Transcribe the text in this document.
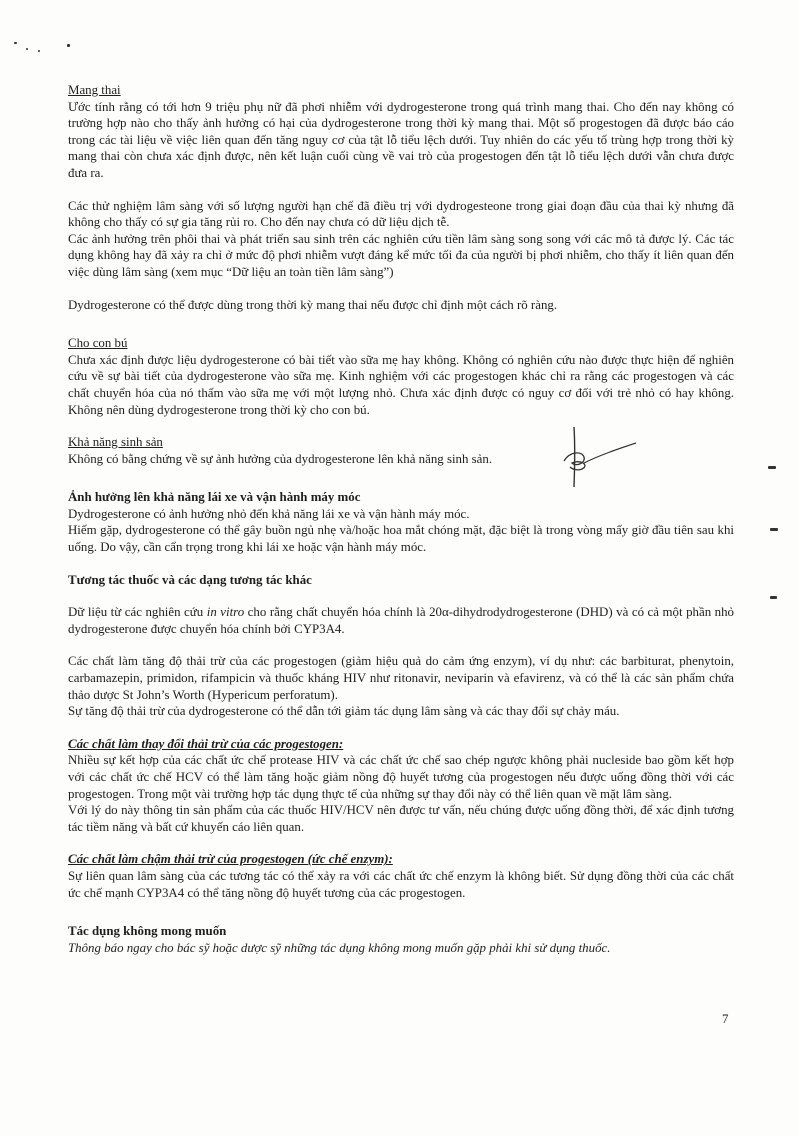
Mang thai

Ước tính rằng có tới hơn 9 triệu phụ nữ đã phơi nhiễm với dydrogesterone trong quá trình mang thai. Cho đến nay không có trường hợp nào cho thấy ảnh hưởng có hại của dydrogesterone trong thời kỳ mang thai. Một số progestogen đã được báo cáo trong các tài liệu về việc liên quan đến tăng nguy cơ của tật lỗ tiểu lệch dưới. Tuy nhiên do các yếu tố trùng hợp trong thời kỳ mang thai còn chưa xác định được, nên kết luận cuối cùng về vai trò của progestogen đến tật lỗ tiểu lệch dưới vẫn chưa được đưa ra.

Các thử nghiệm lâm sàng với số lượng người hạn chế đã điều trị với dydrogesteone trong giai đoạn đầu của thai kỳ nhưng đã không cho thấy có sự gia tăng rủi ro. Cho đến nay chưa có dữ liệu dịch tễ.

Các ảnh hưởng trên phôi thai và phát triển sau sinh trên các nghiên cứu tiền lâm sàng song song với các mô tả được lý. Các tác dụng không hay đã xảy ra chỉ ở mức độ phơi nhiễm vượt đáng kể mức tối đa của người bị phơi nhiễm, cho thấy ít liên quan đến việc dùng lâm sàng (xem mục “Dữ liệu an toàn tiền lâm sàng”)

Dydrogesterone có thể được dùng trong thời kỳ mang thai nếu được chỉ định một cách rõ ràng.

Cho con bú

Chưa xác định được liệu dydrogesterone có bài tiết vào sữa mẹ hay không. Không có nghiên cứu nào được thực hiện để nghiên cứu về sự bài tiết của dydrogesterone vào sữa mẹ. Kinh nghiệm với các progestogen khác chỉ ra rằng các progestogen và các chất chuyển hóa của nó thấm vào sữa mẹ với một lượng nhỏ. Chưa xác định được có nguy cơ đối với trẻ nhỏ có hay không. Không nên dùng dydrogesterone trong thời kỳ cho con bú.

Khả năng sinh sản

Không có bằng chứng về sự ảnh hưởng của dydrogesterone lên khả năng sinh sản.

Ảnh hưởng lên khả năng lái xe và vận hành máy móc

Dydrogesterone có ảnh hưởng nhỏ đến khả năng lái xe và vận hành máy móc.

Hiếm gặp, dydrogesterone có thể gây buồn ngủ nhẹ và/hoặc hoa mắt chóng mặt, đặc biệt là trong vòng mấy giờ đầu tiên sau khi uống. Do vậy, cần cẩn trọng trong khi lái xe hoặc vận hành máy móc.

Tương tác thuốc và các dạng tương tác khác

Dữ liệu từ các nghiên cứu in vitro cho rằng chất chuyển hóa chính là 20α-dihydrodydrogesterone (DHD) và có cả một phần nhỏ dydrogesterone được chuyển hóa chính bởi CYP3A4.

Các chất làm tăng độ thải trừ của các progestogen (giảm hiệu quả do cảm ứng enzym), ví dụ như: các barbiturat, phenytoin, carbamazepin, primidon, rifampicin và thuốc kháng HIV như ritonavir, neviparin và efavirenz, và có thể là các sản phẩm chứa thảo dược St John’s Worth (Hypericum perforatum).

Sự tăng độ thải trừ của dydrogesterone có thể dẫn tới giảm tác dụng lâm sàng và các thay đổi sự chảy máu.

Các chất làm thay đổi thải trừ của các progestogen:

Nhiều sự kết hợp của các chất ức chế protease HIV và các chất ức chế sao chép ngược không phải nucleside bao gồm kết hợp với các chất ức chế HCV có thể làm tăng hoặc giảm nồng độ huyết tương của progestogen nếu được uống đồng thời với các progestogen. Trong một vài trường hợp tác dụng thực tế của những sự thay đổi này có thể liên quan về mặt lâm sàng.

Với lý do này thông tin sản phẩm của các thuốc HIV/HCV nên được tư vấn, nếu chúng được uống đồng thời, để xác định tương tác tiềm năng và bất cứ khuyến cáo liên quan.

Các chất làm chậm thải trừ của progestogen (ức chế enzym):

Sự liên quan lâm sàng của các tương tác có thể xảy ra với các chất ức chế enzym là không biết. Sử dụng đồng thời của các chất ức chế mạnh CYP3A4 có thể tăng nồng độ huyết tương của các progestogen.

Tác dụng không mong muốn

Thông báo ngay cho bác sỹ hoặc dược sỹ những tác dụng không mong muốn gặp phải khi sử dụng thuốc.

7
